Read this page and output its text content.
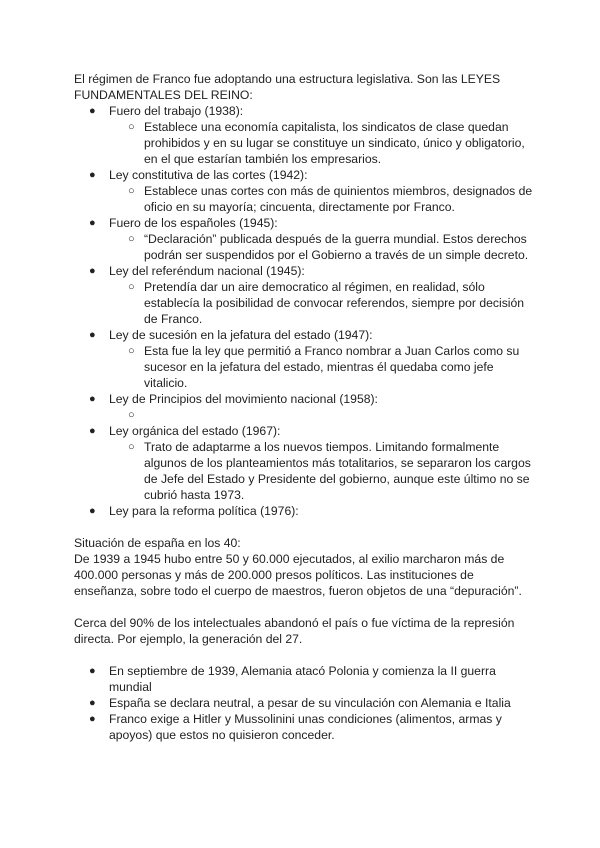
El régimen de Franco fue adoptando una estructura legislativa. Son las LEYES FUNDAMENTALES DEL REINO:

● Fuero del trabajo (1938):
○ Establece una economía capitalista, los sindicatos de clase quedan prohibidos y en su lugar se constituye un sindicato, único y obligatorio, en el que estarían también los empresarios.
● Ley constitutiva de las cortes (1942):
○ Establece unas cortes con más de quinientos miembros, designados de oficio en su mayoría; cincuenta, directamente por Franco.
● Fuero de los españoles (1945):
○ “Declaración” publicada después de la guerra mundial. Estos derechos podrán ser suspendidos por el Gobierno a través de un simple decreto.
● Ley del referéndum nacional (1945):
○ Pretendía dar un aire democratico al régimen, en realidad, sólo establecía la posibilidad de convocar referendos, siempre por decisión de Franco.
● Ley de sucesión en la jefatura del estado (1947):
○ Esta fue la ley que permitió a Franco nombrar a Juan Carlos como su sucesor en la jefatura del estado, mientras él quedaba como jefe vitalicio.
● Ley de Principios del movimiento nacional (1958):
○
● Ley orgánica del estado (1967):
○ Trato de adaptarme a los nuevos tiempos. Limitando formalmente algunos de los planteamientos más totalitarios, se separaron los cargos de Jefe del Estado y Presidente del gobierno, aunque este último no se cubrió hasta 1973.
● Ley para la reforma política (1976):

Situación de españa en los 40:

De 1939 a 1945 hubo entre 50 y 60.000 ejecutados, al exilio marcharon más de 400.000 personas y más de 200.000 presos políticos. Las instituciones de enseñanza, sobre todo el cuerpo de maestros, fueron objetos de una “depuración”.

Cerca del 90% de los intelectuales abandonó el país o fue víctima de la represión directa. Por ejemplo, la generación del 27.

● En septiembre de 1939, Alemania atacó Polonia y comienza la II guerra mundial
● España se declara neutral, a pesar de su vinculación con Alemania e Italia
● Franco exige a Hitler y Mussolinini unas condiciones (alimentos, armas y apoyos) que estos no quisieron conceder.
